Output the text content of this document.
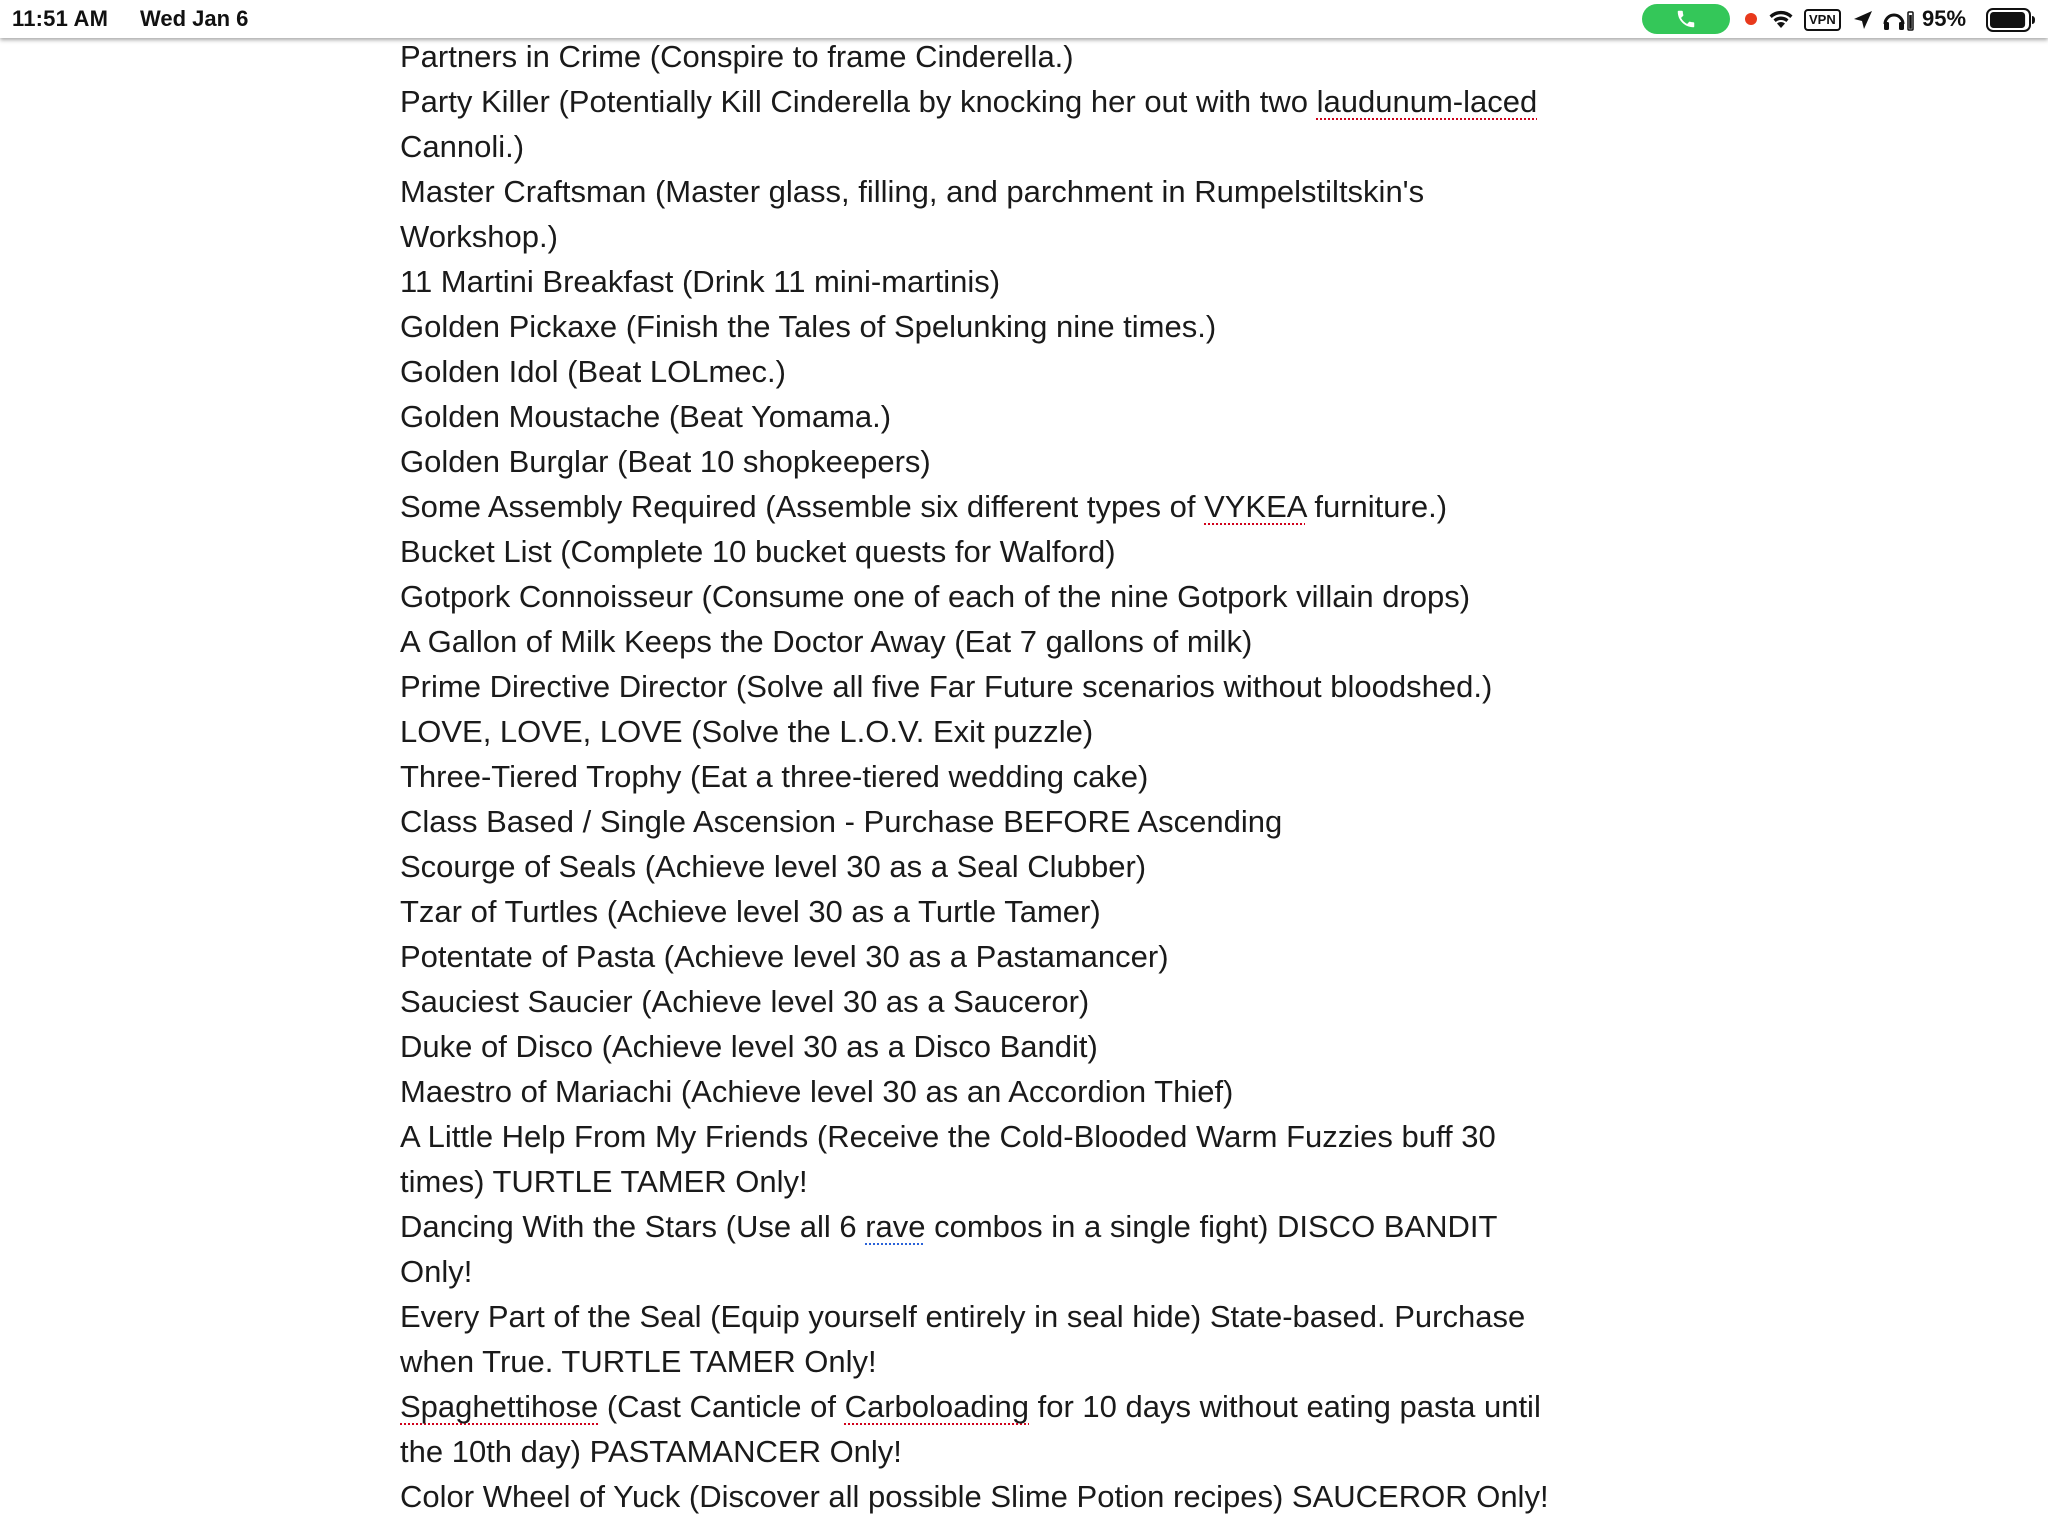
11:51 AM Wed Jan 6	VPN	95%
Partners in Crime (Conspire to frame Cinderella.)
Party Killer (Potentially Kill Cinderella by knocking her out with two laudunum-laced
Cannoli.)
Master Craftsman (Master glass, filling, and parchment in Rumpelstiltskin's
Workshop.)
11 Martini Breakfast (Drink 11 mini-martinis)
Golden Pickaxe (Finish the Tales of Spelunking nine times.)
Golden Idol (Beat LOLmec.)
Golden Moustache (Beat Yomama.)
Golden Burglar (Beat 10 shopkeepers)
Some Assembly Required (Assemble six different types of VYKEA furniture.)
Bucket List (Complete 10 bucket quests for Walford)
Gotpork Connoisseur (Consume one of each of the nine Gotpork villain drops)
A Gallon of Milk Keeps the Doctor Away (Eat 7 gallons of milk)
Prime Directive Director (Solve all five Far Future scenarios without bloodshed.)
LOVE, LOVE, LOVE (Solve the L.O.V. Exit puzzle)
Three-Tiered Trophy (Eat a three-tiered wedding cake)
Class Based / Single Ascension - Purchase BEFORE Ascending
Scourge of Seals (Achieve level 30 as a Seal Clubber)
Tzar of Turtles (Achieve level 30 as a Turtle Tamer)
Potentate of Pasta (Achieve level 30 as a Pastamancer)
Sauciest Saucier (Achieve level 30 as a Sauceror)
Duke of Disco (Achieve level 30 as a Disco Bandit)
Maestro of Mariachi (Achieve level 30 as an Accordion Thief)
A Little Help From My Friends (Receive the Cold-Blooded Warm Fuzzies buff 30
times) TURTLE TAMER Only!
Dancing With the Stars (Use all 6 rave combos in a single fight) DISCO BANDIT
Only!
Every Part of the Seal (Equip yourself entirely in seal hide) State-based. Purchase
when True. TURTLE TAMER Only!
Spaghettihose (Cast Canticle of Carboloading for 10 days without eating pasta until
the 10th day) PASTAMANCER Only!
Color Wheel of Yuck (Discover all possible Slime Potion recipes) SAUCEROR Only!
